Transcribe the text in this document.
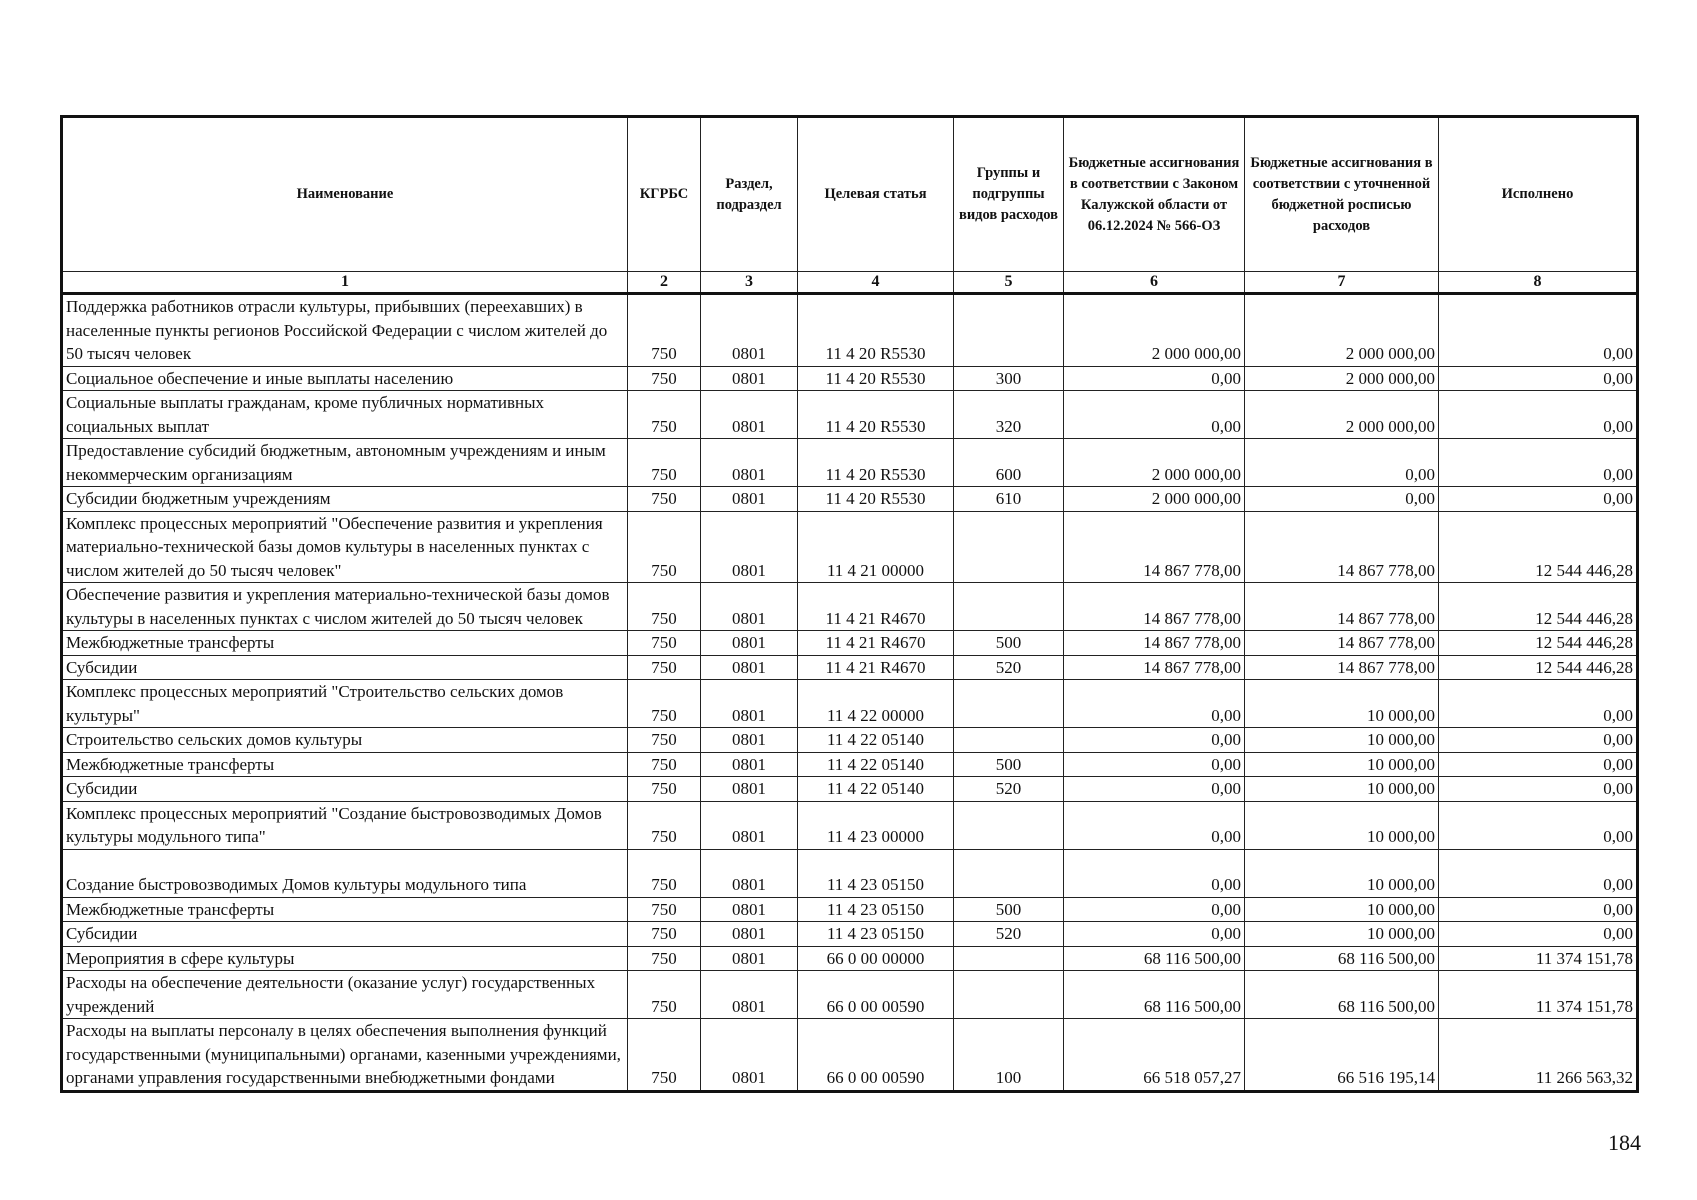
Наименование	КГРБС	Раздел, подраздел	Целевая статья	Группы и подгруппы видов расходов	Бюджетные ассигнования в соответствии с Законом Калужской области от 06.12.2024 № 566-ОЗ	Бюджетные ассигнования в соответствии с уточненной бюджетной росписью расходов	Исполнено
1	2	3	4	5	6	7	8
Поддержка работников отрасли культуры, прибывших (переехавших) в населенные пункты регионов Российской Федерации с числом жителей до 50 тысяч человек	750	0801	11 4 20 R5530		2 000 000,00	2 000 000,00	0,00
Социальное обеспечение и иные выплаты населению	750	0801	11 4 20 R5530	300	0,00	2 000 000,00	0,00
Социальные выплаты гражданам, кроме публичных нормативных социальных выплат	750	0801	11 4 20 R5530	320	0,00	2 000 000,00	0,00
Предоставление субсидий бюджетным, автономным учреждениям и иным некоммерческим организациям	750	0801	11 4 20 R5530	600	2 000 000,00	0,00	0,00
Субсидии бюджетным учреждениям	750	0801	11 4 20 R5530	610	2 000 000,00	0,00	0,00
Комплекс процессных мероприятий "Обеспечение развития и укрепления материально-технической базы домов культуры в населенных пунктах с числом жителей до 50 тысяч человек"	750	0801	11 4 21 00000		14 867 778,00	14 867 778,00	12 544 446,28
Обеспечение развития и укрепления материально-технической базы домов культуры в населенных пунктах с числом жителей до 50 тысяч человек	750	0801	11 4 21 R4670		14 867 778,00	14 867 778,00	12 544 446,28
Межбюджетные трансферты	750	0801	11 4 21 R4670	500	14 867 778,00	14 867 778,00	12 544 446,28
Субсидии	750	0801	11 4 21 R4670	520	14 867 778,00	14 867 778,00	12 544 446,28
Комплекс процессных мероприятий "Строительство сельских домов культуры"	750	0801	11 4 22 00000		0,00	10 000,00	0,00
Строительство сельских домов культуры	750	0801	11 4 22 05140		0,00	10 000,00	0,00
Межбюджетные трансферты	750	0801	11 4 22 05140	500	0,00	10 000,00	0,00
Субсидии	750	0801	11 4 22 05140	520	0,00	10 000,00	0,00
Комплекс процессных мероприятий "Создание быстровозводимых Домов культуры модульного типа"	750	0801	11 4 23 00000		0,00	10 000,00	0,00

Создание быстровозводимых Домов культуры модульного типа	750	0801	11 4 23 05150		0,00	10 000,00	0,00
Межбюджетные трансферты	750	0801	11 4 23 05150	500	0,00	10 000,00	0,00
Субсидии	750	0801	11 4 23 05150	520	0,00	10 000,00	0,00
Мероприятия в сфере культуры	750	0801	66 0 00 00000		68 116 500,00	68 116 500,00	11 374 151,78
Расходы на обеспечение деятельности (оказание услуг) государственных учреждений	750	0801	66 0 00 00590		68 116 500,00	68 116 500,00	11 374 151,78
Расходы на выплаты персоналу в целях обеспечения выполнения функций государственными (муниципальными) органами, казенными учреждениями, органами управления государственными внебюджетными фондами	750	0801	66 0 00 00590	100	66 518 057,27	66 516 195,14	11 266 563,32
184
